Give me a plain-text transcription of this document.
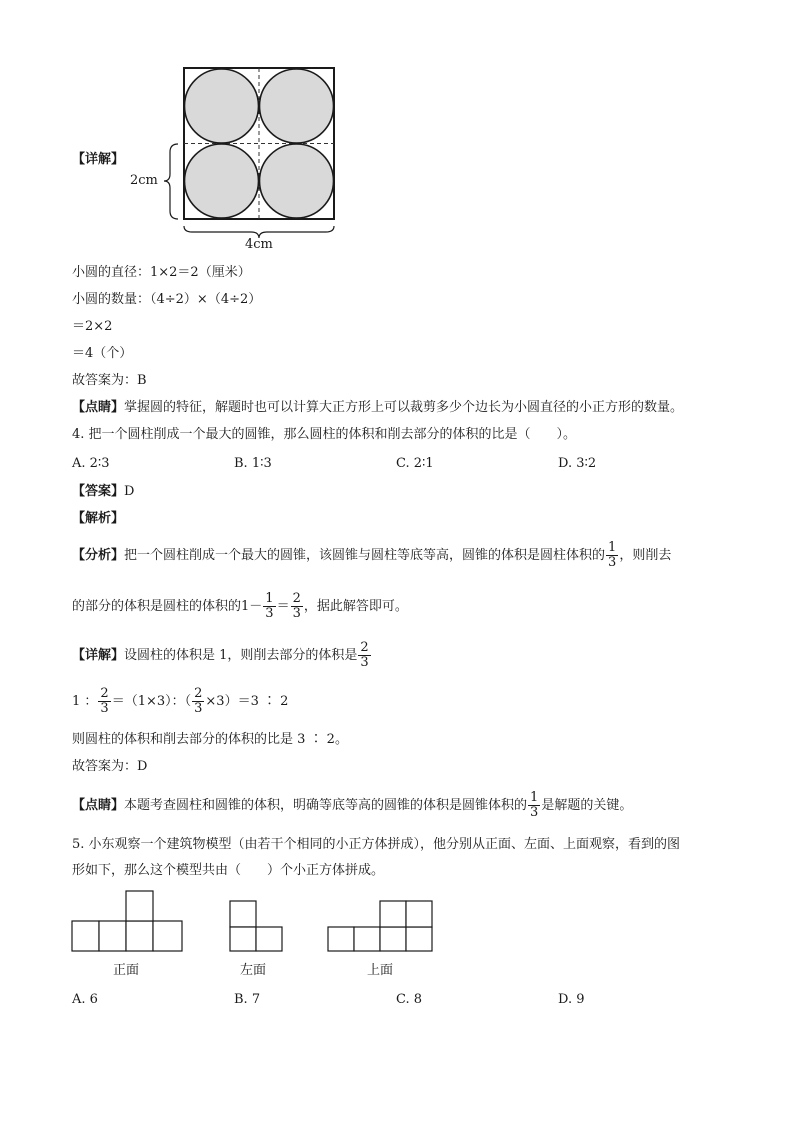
【详解】
2cm
4cm
小圆的直径：1×2＝2（厘米）
小圆的数量：（4÷2）×（4÷2）
＝2×2
＝4（个）
故答案为：B
【点睛】掌握圆的特征，解题时也可以计算大正方形上可以裁剪多少个边长为小圆直径的小正方形的数量。
4. 把一个圆柱削成一个最大的圆锥，那么圆柱的体积和削去部分的体积的比是（　　）。
A. 2∶3	B. 1∶3	C. 2∶1	D. 3∶2
【答案】D
【解析】
【分析】把一个圆柱削成一个最大的圆锥，该圆锥与圆柱等底等高，圆锥的体积是圆柱体积的 $\frac{1}{3}$ ，则削去
的部分的体积是圆柱的体积的$1- \frac{1}{3} = \frac{2}{3}$ ，据此解答即可。
【详解】设圆柱的体积是 1，则削去部分的体积是 $\frac{2}{3}$
1 ： $\frac{2}{3} =(1\times 3)$：（ $\frac{2}{3} \times 3)=3$ ∶ 2
则圆柱的体积和削去部分的体积的比是 3 ∶ 2。
故答案为：D
【点睛】本题考查圆柱和圆锥的体积，明确等底等高的圆锥的体积是圆锥体积的 $\frac{1}{3}$ 是解题的关键。
5. 小东观察一个建筑物模型（由若干个相同的小正方体拼成），他分别从正面、左面、上面观察，看到的图
形如下，那么这个模型共由（　　）个小正方体拼成。
正面	左面	上面
A. 6	B. 7	C. 8	D. 9
